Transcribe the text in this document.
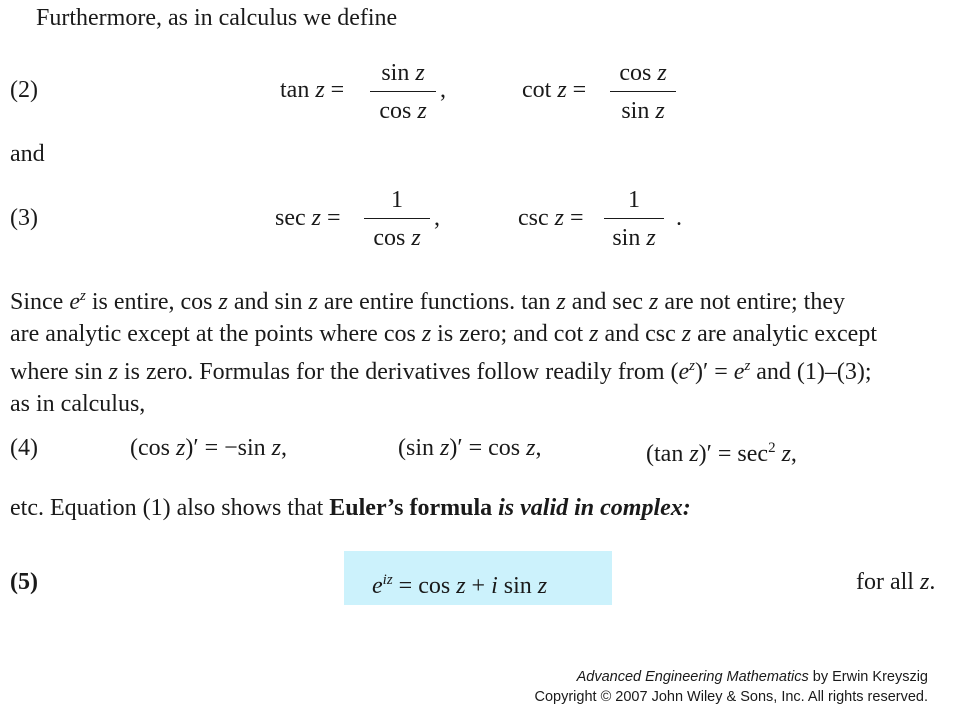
Furthermore, as in calculus we define
(2)	tan z =
sin z
cos z
,	cot z =
cos z
sin z
and
(3)	sec z =
1
cos z
,	csc z =
1
sin z
.
Since $e^z$ is entire, cos z and sin z are entire functions. tan z and sec z are not entire; they
are analytic except at the points where cos z is zero; and cot z and csc z are analytic except
where sin z is zero. Formulas for the derivatives follow readily from $(e^z)' = e^z$ and (1)–(3);
as in calculus,
(4)	(cos z)′ = −sin z,	(sin z)′ = cos z,	(tan $z)' = \sec^2 z$,
etc. Equation (1) also shows that Euler’s formula is valid in complex:
(5)	$e^{iz} = \cos z + i$ sin z	for all z.
Advanced Engineering Mathematics by Erwin Kreyszig
Copyright © 2007 John Wiley & Sons, Inc. All rights reserved.
